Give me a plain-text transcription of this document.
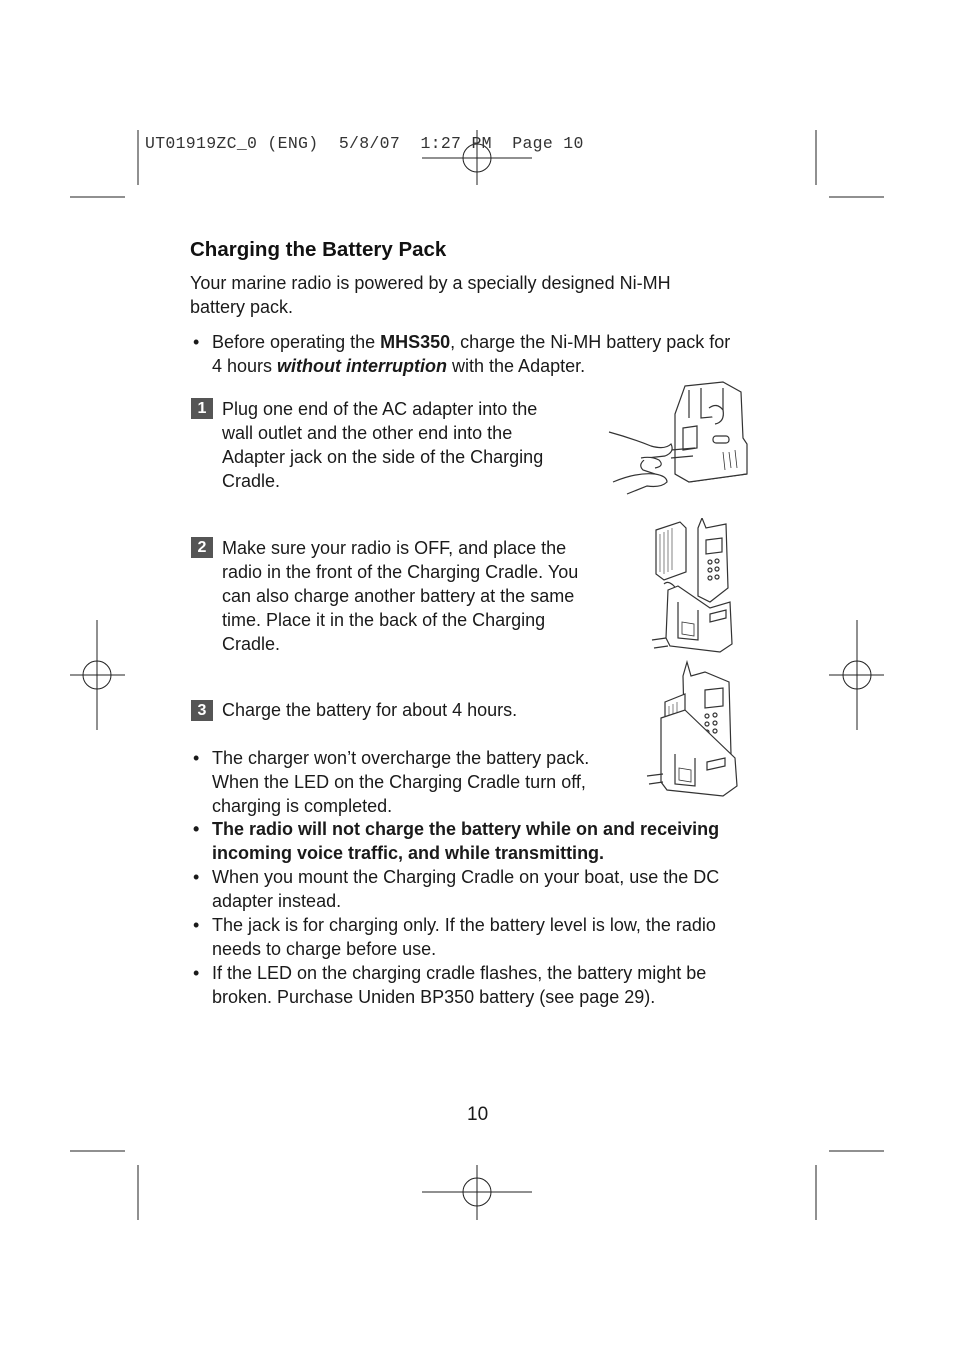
UT01919ZC_0 (ENG)  5/8/07  1:27 PM  Page 10
Charging the Battery Pack
Your marine radio is powered by a specially designed Ni-MH
battery pack.
• Before operating the MHS350, charge the Ni-MH battery pack for
4 hours without interruption with the Adapter.
1 Plug one end of the AC adapter into the
wall outlet and the other end into the
Adapter jack on the side of the Charging
Cradle.
2 Make sure your radio is OFF, and place the
radio in the front of the Charging Cradle. You
can also charge another battery at the same
time. Place it in the back of the Charging
Cradle.
3 Charge the battery for about 4 hours.
• The charger won’t overcharge the battery pack.
When the LED on the Charging Cradle turn off,
charging is completed.
• The radio will not charge the battery while on and receiving
incoming voice traffic, and while transmitting.
• When you mount the Charging Cradle on your boat, use the DC
adapter instead.
• The jack is for charging only. If the battery level is low, the radio
needs to charge before use.
• If the LED on the charging cradle flashes, the battery might be
broken. Purchase Uniden BP350 battery (see page 29).
10
